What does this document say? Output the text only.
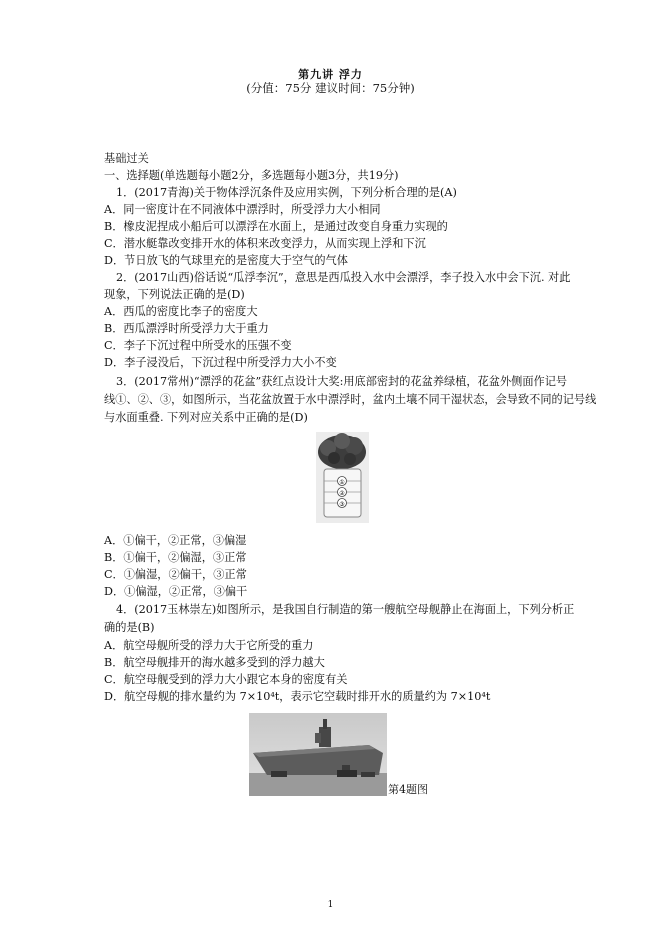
第九讲 浮力
(分值：75分 建议时间：75分钟)
基础过关
一、选择题(单选题每小题2分，多选题每小题3分，共19分)
1．(2017青海)关于物体浮沉条件及应用实例，下列分析合理的是(A)
A．同一密度计在不同液体中漂浮时，所受浮力大小相同
B．橡皮泥捏成小船后可以漂浮在水面上，是通过改变自身重力实现的
C．潜水艇靠改变排开水的体积来改变浮力，从而实现上浮和下沉
D．节日放飞的气球里充的是密度大于空气的气体
2．(2017山西)俗话说“瓜浮李沉”，意思是西瓜投入水中会漂浮，李子投入水中会下沉. 对此
现象，下列说法正确的是(D)
A．西瓜的密度比李子的密度大
B．西瓜漂浮时所受浮力大于重力
C．李子下沉过程中所受水的压强不变
D．李子浸没后，下沉过程中所受浮力大小不变
3．(2017常州)“漂浮的花盆”获红点设计大奖:用底部密封的花盆养绿植，花盆外侧面作记号
线①、②、③，如图所示，当花盆放置于水中漂浮时，盆内土壤不同干湿状态，会导致不同的记号线
与水面重叠. 下列对应关系中正确的是(D)
①
②
③
A．①偏干，②正常，③偏湿
B．①偏干，②偏湿，③正常
C．①偏湿，②偏干，③正常
D．①偏湿，②正常，③偏干
4．(2017玉林崇左)如图所示，是我国自行制造的第一艘航空母舰静止在海面上，下列分析正
确的是(B)
A．航空母舰所受的浮力大于它所受的重力
B．航空母舰排开的海水越多受到的浮力越大
C．航空母舰受到的浮力大小跟它本身的密度有关
D．航空母舰的排水量约为 7×10⁴t，表示它空载时排开水的质量约为 7×10⁴t
第4题图
1
